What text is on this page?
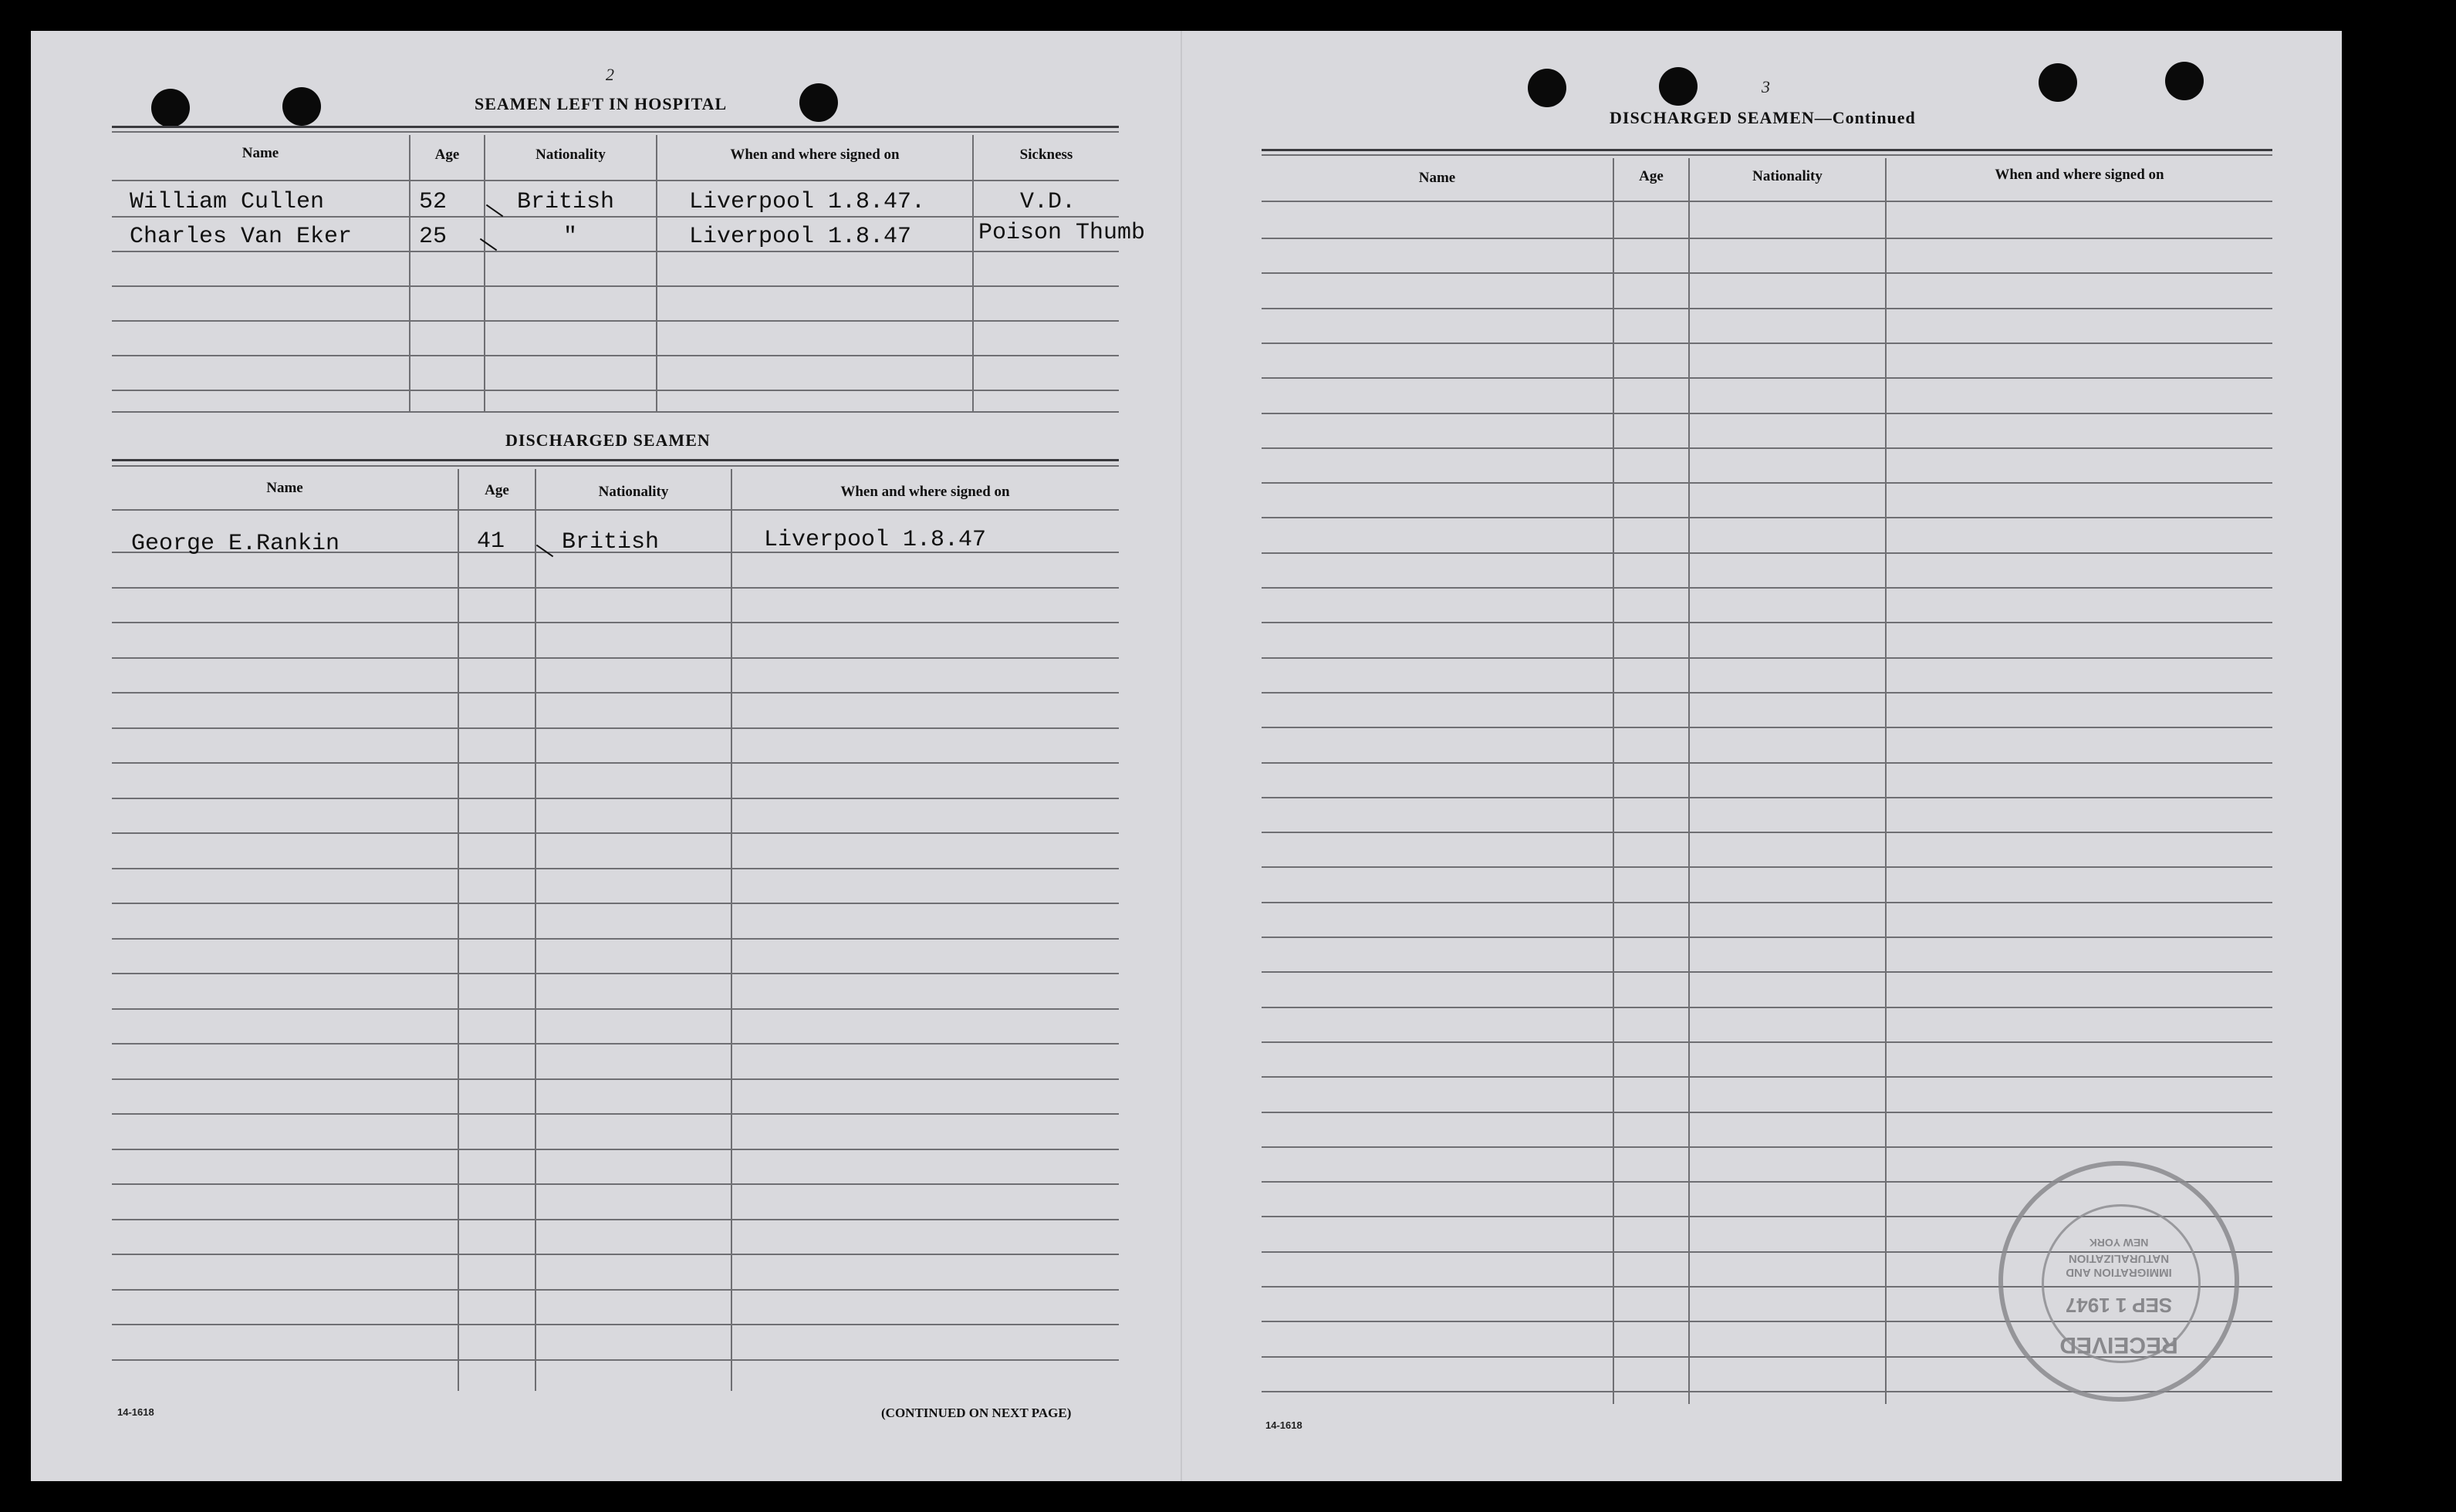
2
SEAMEN LEFT IN HOSPITAL
Name	Age	Nationality	When and where signed on	Sickness
William Cullen	52	British	Liverpool 1.8.47.	V.D.
Charles Van Eker	25	"	Liverpool 1.8.47	Poison Thumb
DISCHARGED SEAMEN
Name	Age	Nationality	When and where signed on
George E.Rankin	41 British	Liverpool 1.8.47
14-1618	(CONTINUED ON NEXT PAGE)
3
DISCHARGED SEAMEN—Continued
Name	Age	Nationality	When and where signed on
14-1618
RECEIVED
SEP 1 1947
IMMIGRATION AND
NATURALIZATION
NEW YORK
